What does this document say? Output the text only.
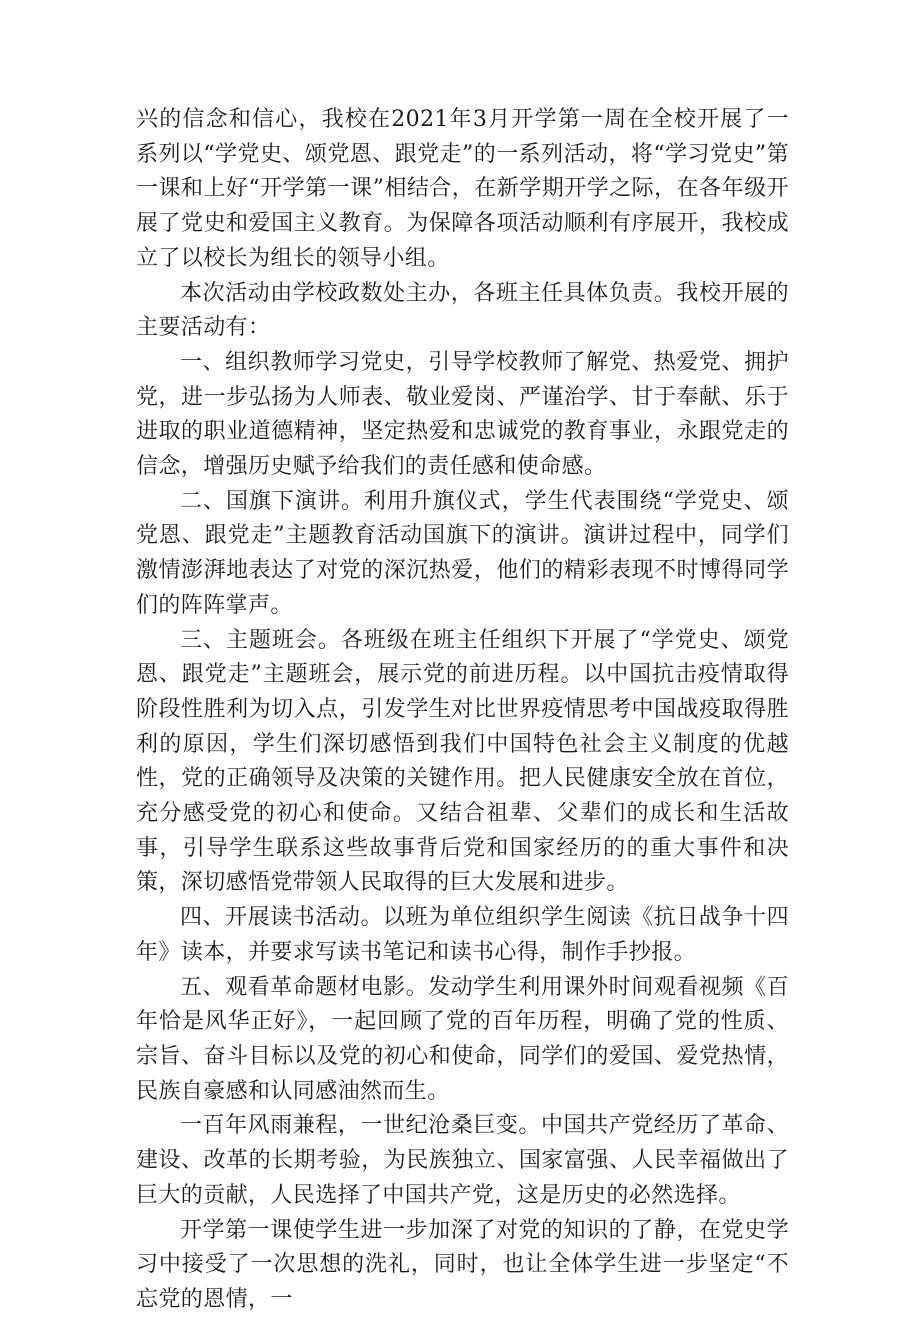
兴的信念和信心，我校在2021年3月开学第一周在全校开展了一系列以“学党史、颂党恩、跟党走”的一系列活动，将“学习党史”第一课和上好“开学第一课”相结合，在新学期开学之际，在各年级开展了党史和爱国主义教育。为保障各项活动顺利有序展开，我校成立了以校长为组长的领导小组。

本次活动由学校政数处主办，各班主任具体负责。我校开展的主要活动有：

一、组织教师学习党史，引导学校教师了解党、热爱党、拥护党，进一步弘扬为人师表、敬业爱岗、严谨治学、甘于奉献、乐于进取的职业道德精神，坚定热爱和忠诚党的教育事业，永跟党走的信念，增强历史赋予给我们的责任感和使命感。

二、国旗下演讲。利用升旗仪式，学生代表围绕“学党史、颂党恩、跟党走”主题教育活动国旗下的演讲。演讲过程中，同学们激情澎湃地表达了对党的深沉热爱，他们的精彩表现不时博得同学们的阵阵掌声。

三、主题班会。各班级在班主任组织下开展了“学党史、颂党恩、跟党走”主题班会，展示党的前进历程。以中国抗击疫情取得阶段性胜利为切入点，引发学生对比世界疫情思考中国战疫取得胜利的原因，学生们深切感悟到我们中国特色社会主义制度的优越性，党的正确领导及决策的关键作用。把人民健康安全放在首位，充分感受党的初心和使命。又结合祖辈、父辈们的成长和生活故事，引导学生联系这些故事背后党和国家经历的的重大事件和决策，深切感悟党带领人民取得的巨大发展和进步。

四、开展读书活动。以班为单位组织学生阅读《抗日战争十四年》读本，并要求写读书笔记和读书心得，制作手抄报。

五、观看革命题材电影。发动学生利用课外时间观看视频《百年恰是风华正好》，一起回顾了党的百年历程，明确了党的性质、宗旨、奋斗目标以及党的初心和使命，同学们的爱国、爱党热情，民族自豪感和认同感油然而生。

一百年风雨兼程，一世纪沧桑巨变。中国共产党经历了革命、建设、改革的长期考验，为民族独立、国家富强、人民幸福做出了巨大的贡献，人民选择了中国共产党，这是历史的必然选择。

开学第一课使学生进一步加深了对党的知识的了静，在党史学习中接受了一次思想的洗礼，同时，也让全体学生进一步坚定“不忘党的恩情，一
